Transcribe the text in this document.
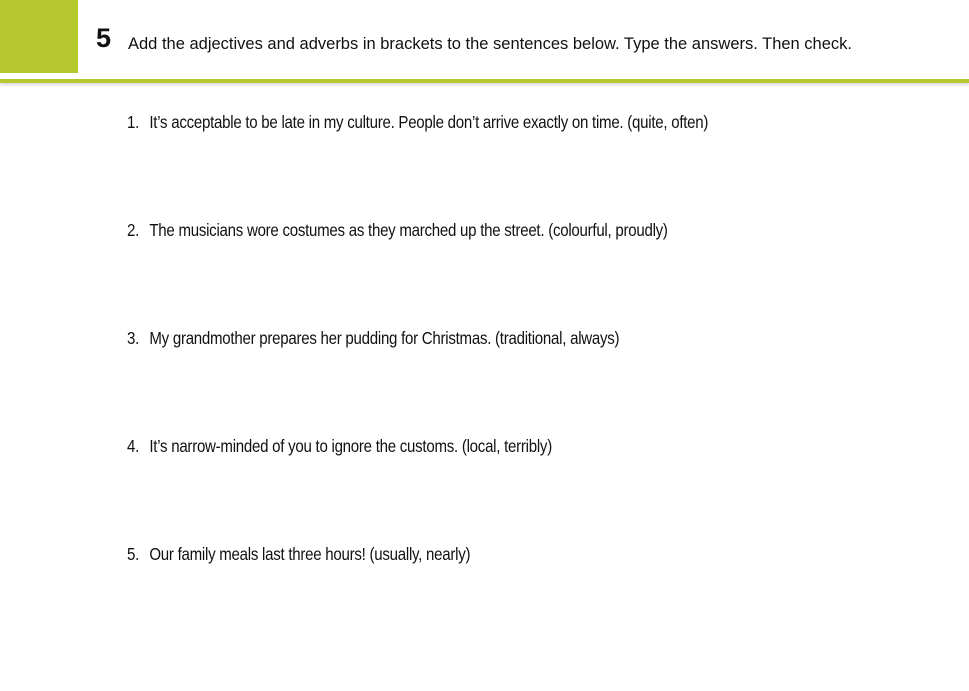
5 Add the adjectives and adverbs in brackets to the sentences below. Type the answers. Then check.
1. It’s acceptable to be late in my culture. People don’t arrive exactly on time. (quite, often)
2. The musicians wore costumes as they marched up the street. (colourful, proudly)
3. My grandmother prepares her pudding for Christmas. (traditional, always)
4. It’s narrow-minded of you to ignore the customs. (local, terribly)
5. Our family meals last three hours! (usually, nearly)
